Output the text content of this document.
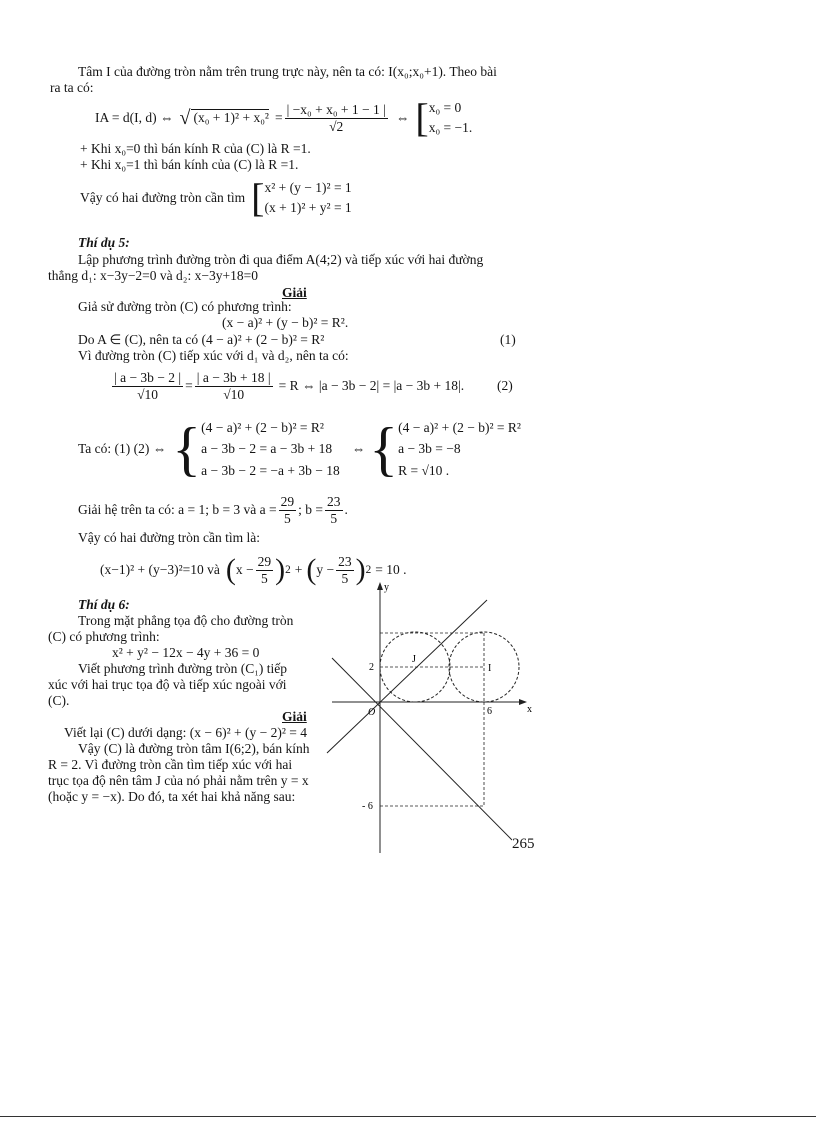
Tâm I của đường tròn nằm trên trung trực này, nên ta có: I(x₀;x₀+1). Theo bài
ra ta có:
IA = d(I, d) ⇔ √ $(x_0 + 1)^2 + x_0^2 = \frac{\text{| −x₀ + x₀ + 1 − 1 |}}{√2}$ ⇔ [ x₀ = 0
x₀ = −1.
+ Khi x₀=0 thì bán kính R của (C) là R =1.
+ Khi x₀=1 thì bán kính của (C) là R =1.
Vậy có hai đường tròn cần tìm [ x² + (y − 1)² = 1
(x + 1)² + y² = 1
Thí dụ 5:
Lập phương trình đường tròn đi qua điểm A(4;2) và tiếp xúc với hai đường
thẳng d₁: x−3y−2=0 và d₂: x−3y+18=0
Giải
Giả sử đường tròn (C) có phương trình:
(x − a)² + (y − b)² = R².
Do A ∈ (C), nên ta có (4 − a)² + (2 − b)² = R²	(1)
Vì đường tròn (C) tiếp xúc với d₁ và d₂, nên ta có:
$\frac{| a - 3b - 2 |}{√10} = \frac{| a - 3b + 18 |}{√10} = R$ ⇔ |a − 3b − 2| = |a − 3b + 18|. (2)
Ta có: (1) (2) ⇔ { (4 − a)² + (2 − b)² = R²
a − 3b − 2 = a − 3b + 18
a − 3b − 2 = −a + 3b − 18
⇔ { (4 − a)² + (2 − b)² = R²
a − 3b = −8
R = √10 .
Giải hệ trên ta có: a = 1; b = 3 và $a = \frac{29}{5}$ ; $b = \frac{23}{5}$ .
Vậy có hai đường tròn cần tìm là:
(x−1)² + (y−3)²=10 và ( $x - \frac{29}{5}$ ) 2 + ( $y - \frac{23}{5}$ ) 2 = 10 .
Thí dụ 6:
Trong mặt phẳng tọa độ cho đường tròn
(C) có phương trình:
x² + y² − 12x − 4y + 36 = 0
Viết phương trình đường tròn (C₁) tiếp
xúc với hai trục tọa độ và tiếp xúc ngoài với
(C).
Giải
Viết lại (C) dưới dạng: (x − 6)² + (y − 2)² = 4
Vậy (C) là đường tròn tâm I(6;2), bán kính
R = 2. Vì đường tròn cần tìm tiếp xúc với hai
trục tọa độ nên tâm J của nó phải nằm trên y = x
(hoặc y = −x). Do đó, ta xét hai khả năng sau:
y
x
O
2
6
- 6
J
I
265
